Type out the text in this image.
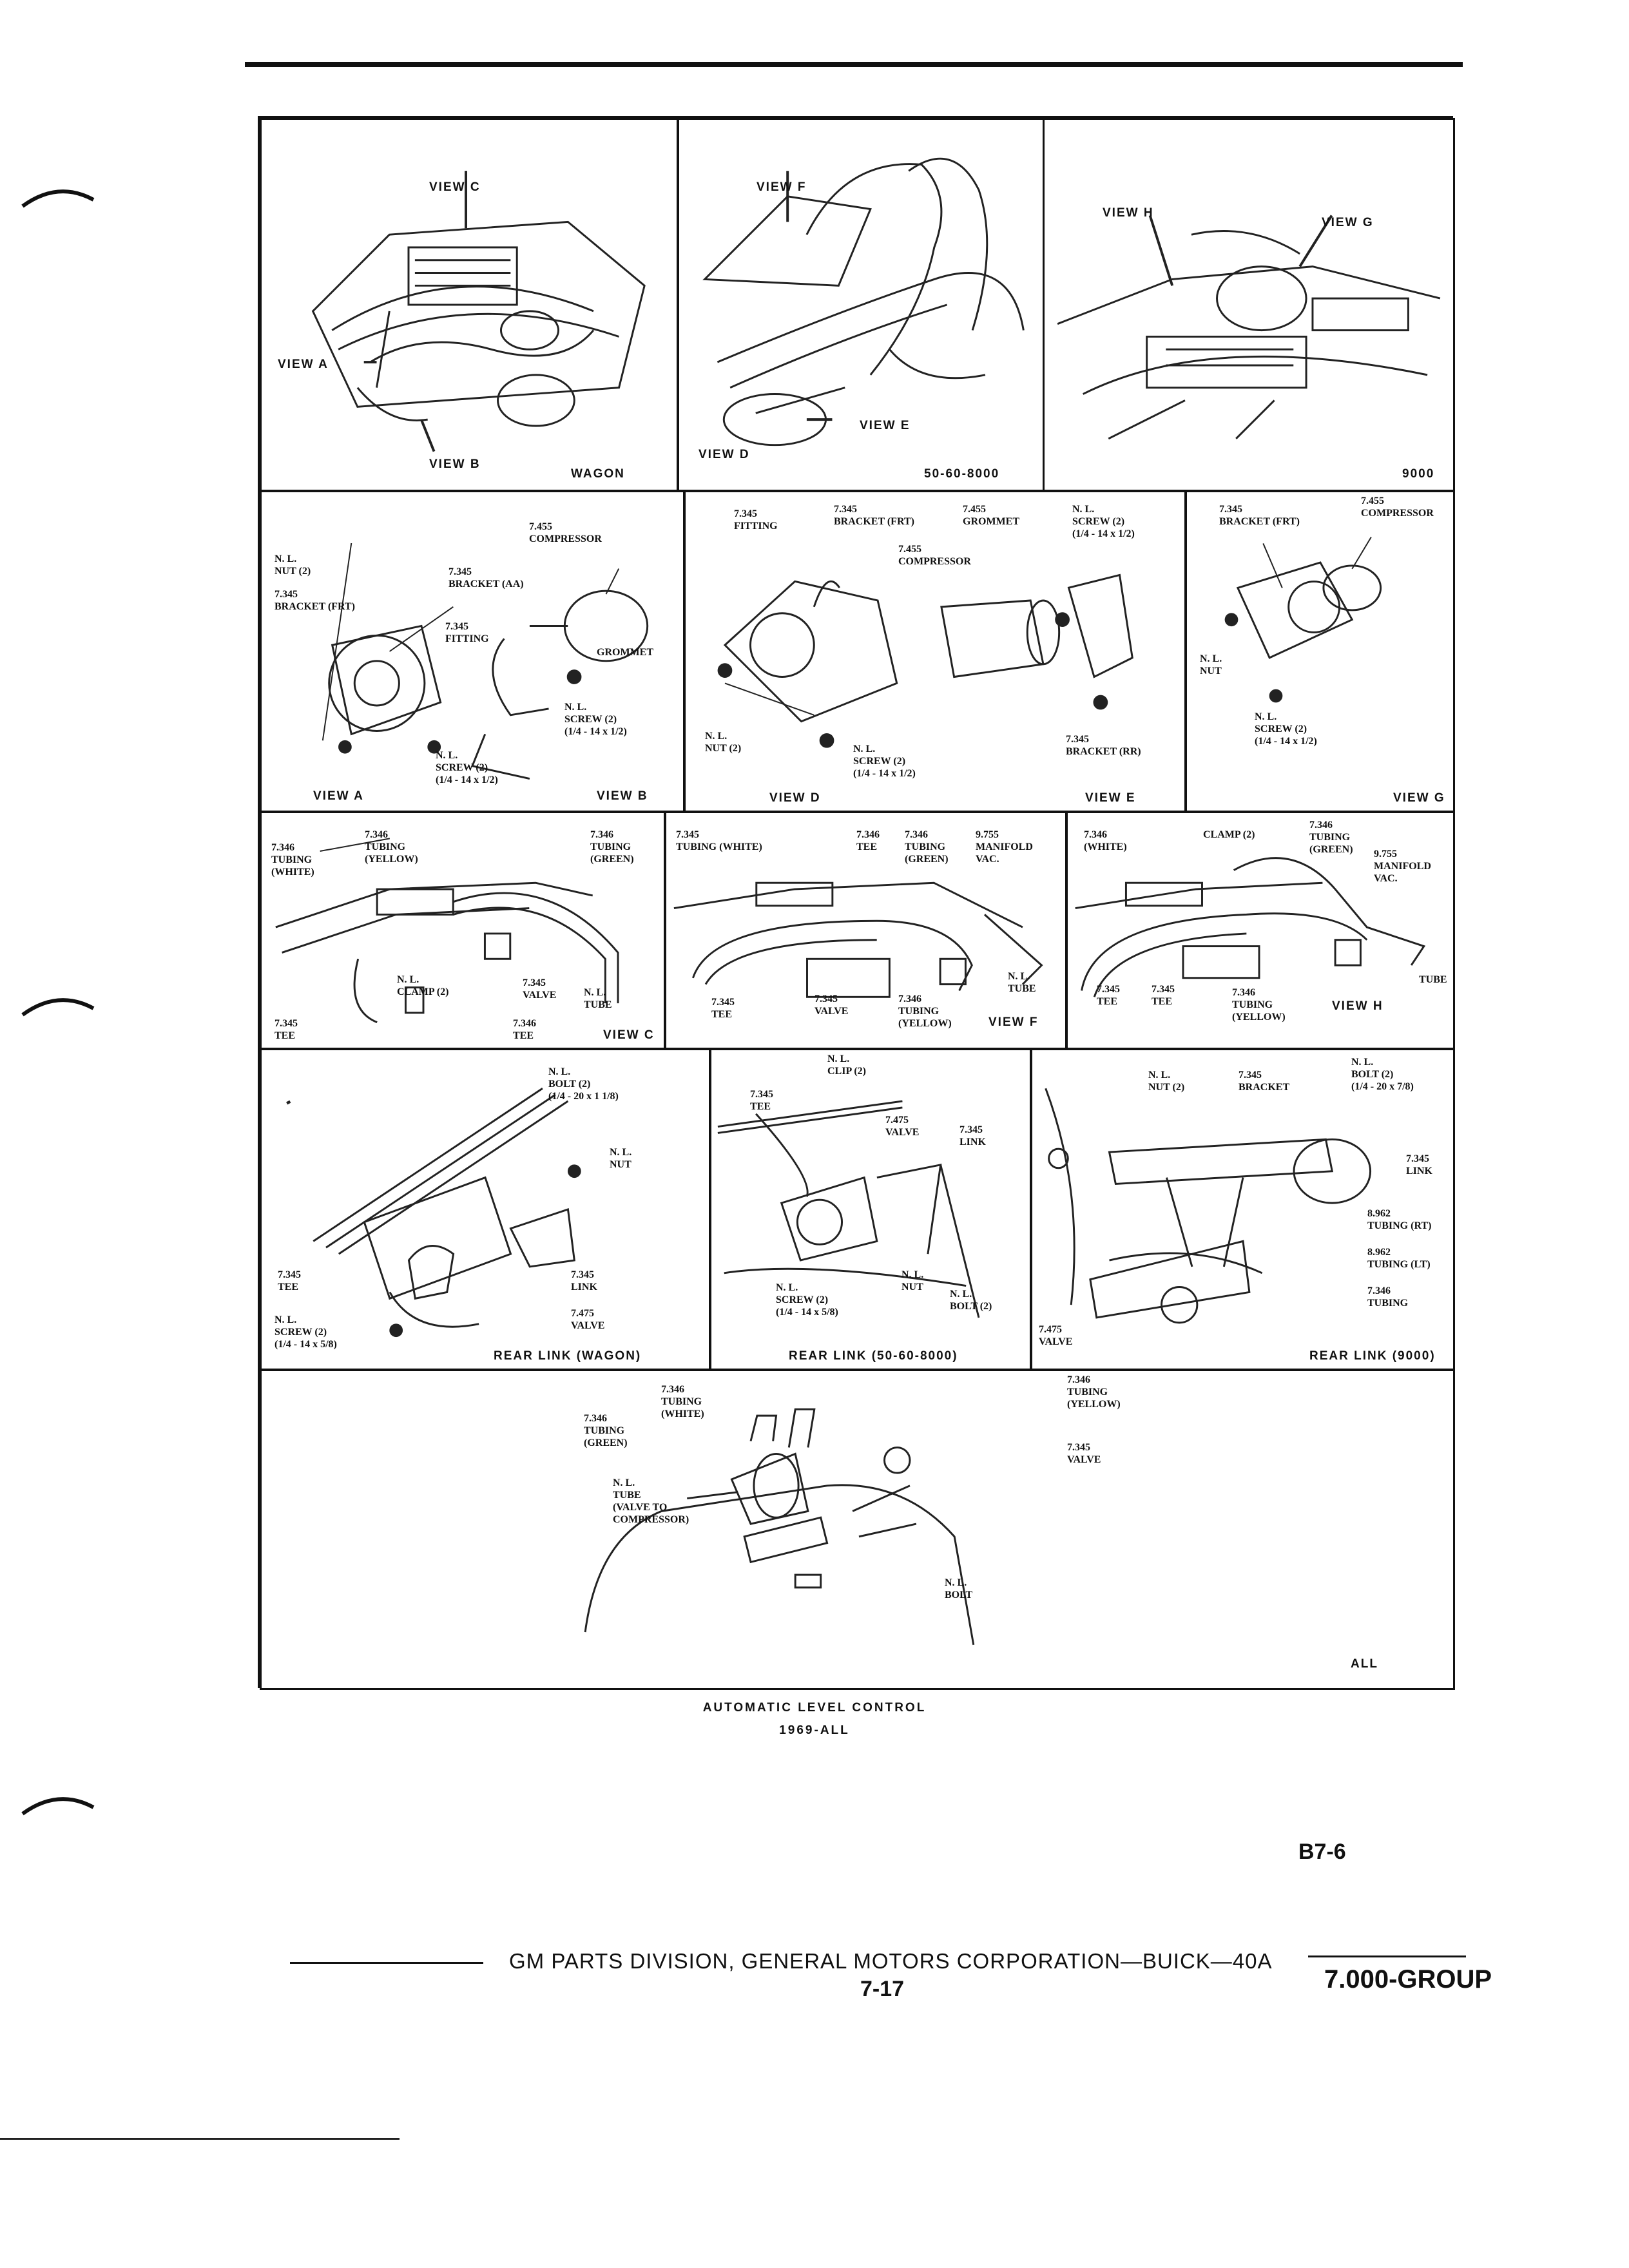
VIEW C
VIEW A
VIEW B
WAGON
VIEW F
VIEW E
VIEW D
50-60-8000
VIEW H
VIEW G
9000
7.455
COMPRESSOR
N. L.
NUT (2)	7.345
BRACKET (AA)
7.345
BRACKET (FRT)
7.345
FITTING
GROMMET
N. L.
SCREW (2)
(1/4 - 14 x 1/2)
N. L.
SCREW (2)
(1/4 - 14 x 1/2)
VIEW A	VIEW B
7.345
FITTING
7.345
BRACKET (FRT)
7.455
GROMMET
N. L.
SCREW (2)
(1/4 - 14 x 1/2)
7.455
COMPRESSOR
N. L.
NUT (2)	N. L.
SCREW (2)
(1/4 - 14 x 1/2)
7.345
BRACKET (RR)
VIEW D	VIEW E
7.345
BRACKET (FRT)
7.455
COMPRESSOR
N. L.
NUT
N. L.
SCREW (2)
(1/4 - 14 x 1/2)
VIEW G
7.346
TUBING
(YELLOW)
7.346
TUBING
(GREEN)
7.346
TUBING
(WHITE)
N. L.
CLAMP (2)
7.345
VALVE	N. L.
TUBE
7.345
TEE
7.346
TEE	VIEW C
7.345
TUBING (WHITE)
7.346
TEE
7.346
TUBING
(GREEN)
9.755
MANIFOLD
VAC.
N. L.
TUBE
7.345
TEE
7.345
VALVE
7.346
TUBING
(YELLOW)	VIEW F
7.346
(WHITE)
CLAMP (2)
7.346
TUBING
(GREEN) 9.755
MANIFOLD
VAC.
TUBE
7.345
TEE
7.345
TEE
7.346
TUBING
(YELLOW)
VIEW H
N. L.
BOLT (2)
(1/4 - 20 x 1 1/8)
N. L.
NUT
7.345
TEE
7.345
LINK
7.475
VALVE
N. L.
SCREW (2)
(1/4 - 14 x 5/8)
REAR LINK (WAGON)
N. L.
CLIP (2)
7.345
TEE
7.475
VALVE	7.345
LINK
N. L.
SCREW (2)
(1/4 - 14 x 5/8)
N. L.
NUT
N. L.
BOLT (2)
REAR LINK (50-60-8000)
N. L.
NUT (2)
7.345
BRACKET
N. L.
BOLT (2)
(1/4 - 20 x 7/8)
7.345
LINK
8.962
TUBING (RT)
8.962
TUBING (LT)
7.346
TUBING
7.475
VALVE
REAR LINK (9000)
7.346
TUBING
(WHITE)
7.346
TUBING
(GREEN)
7.346
TUBING
(YELLOW)
7.345
VALVE
N. L.
TUBE
(VALVE TO
COMPRESSOR)
N. L.
BOLT
ALL
AUTOMATIC LEVEL CONTROL
1969-ALL
B7-6
GM PARTS DIVISION, GENERAL MOTORS CORPORATION—BUICK—40A
7-17	7.000-GROUP
